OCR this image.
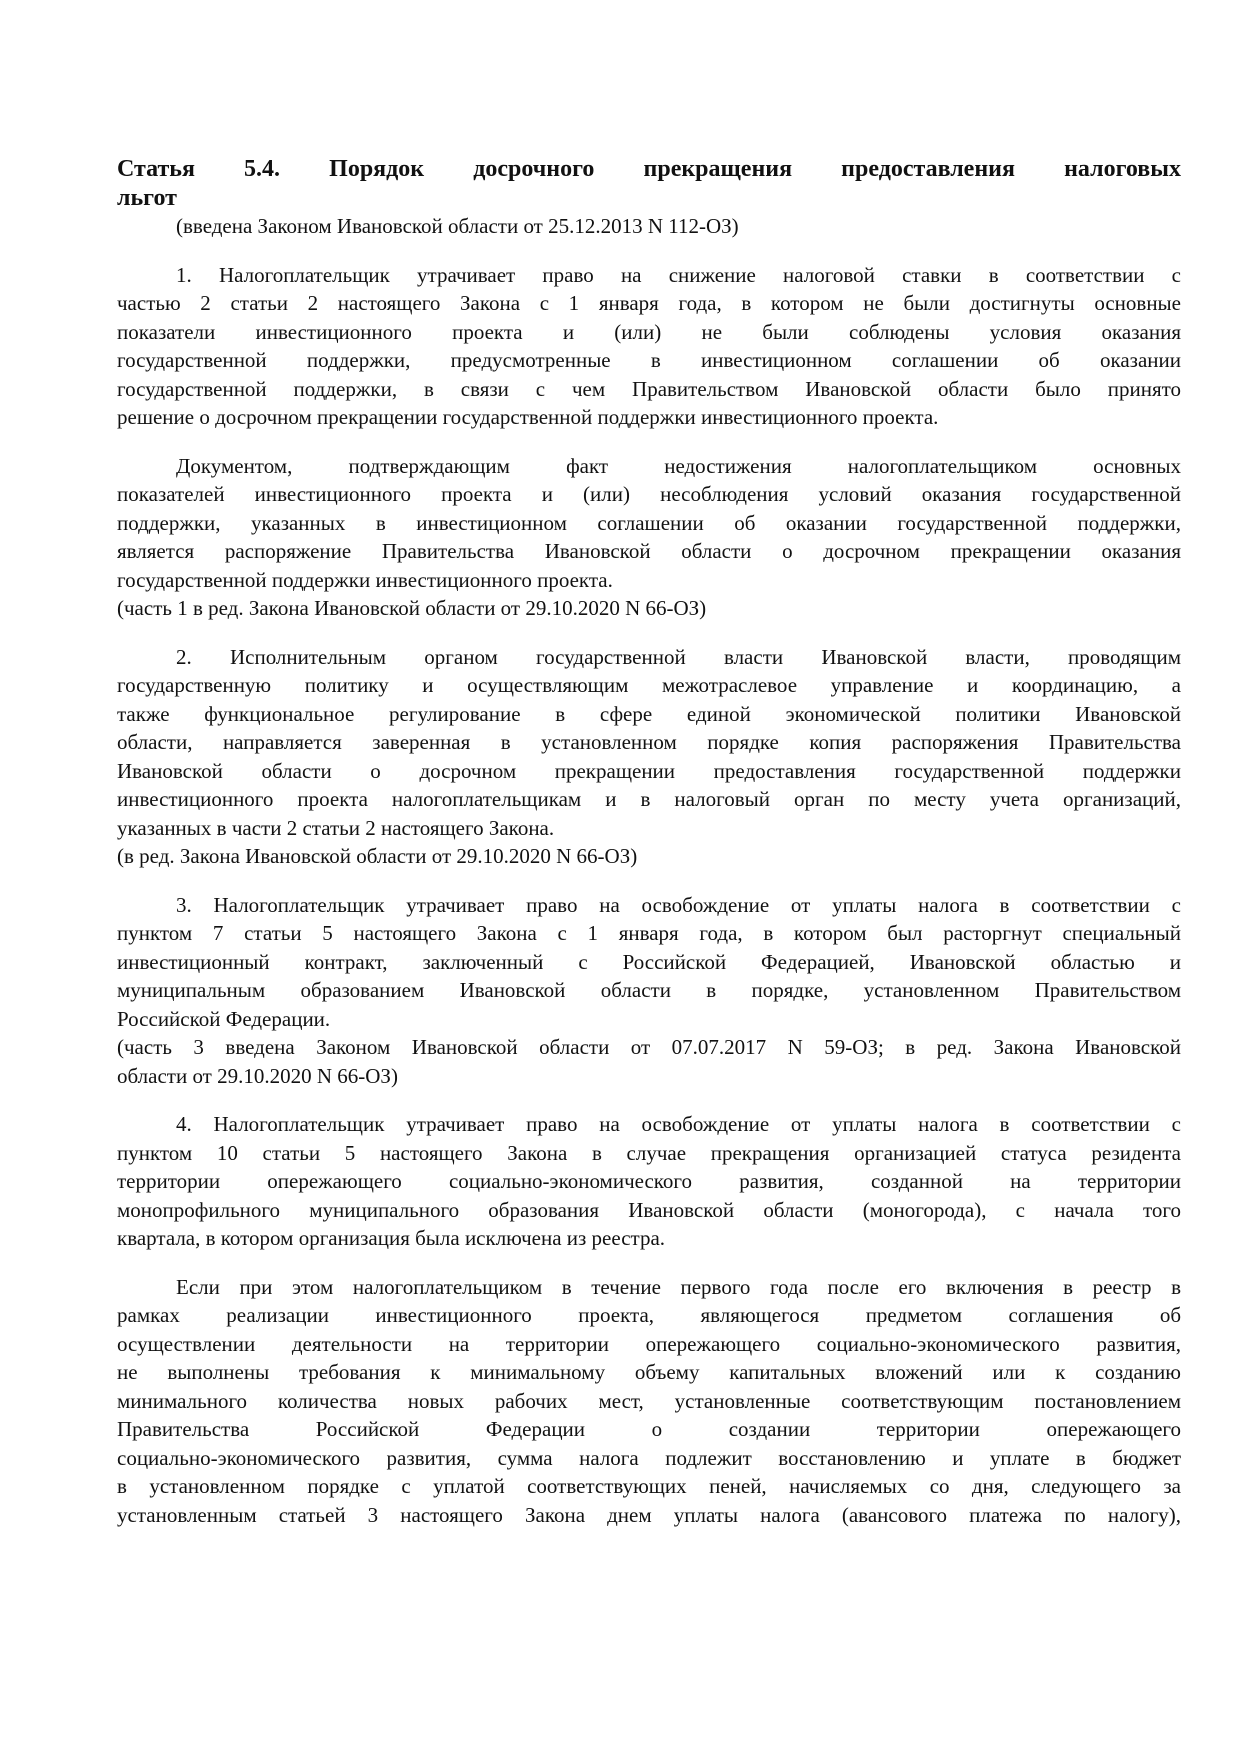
Статья 5.4. Порядок досрочного прекращения предоставления налоговых
льгот
(введена Законом Ивановской области от 25.12.2013 N 112-ОЗ)
1. Налогоплательщик утрачивает право на снижение налоговой ставки в соответствии с
частью 2 статьи 2 настоящего Закона с 1 января года, в котором не были достигнуты основные
показатели инвестиционного проекта и (или) не были соблюдены условия оказания
государственной поддержки, предусмотренные в инвестиционном соглашении об оказании
государственной поддержки, в связи с чем Правительством Ивановской области было принято
решение о досрочном прекращении государственной поддержки инвестиционного проекта.
Документом, подтверждающим факт недостижения налогоплательщиком основных
показателей инвестиционного проекта и (или) несоблюдения условий оказания государственной
поддержки, указанных в инвестиционном соглашении об оказании государственной поддержки,
является распоряжение Правительства Ивановской области о досрочном прекращении оказания
государственной поддержки инвестиционного проекта.
(часть 1 в ред. Закона Ивановской области от 29.10.2020 N 66-ОЗ)
2. Исполнительным органом государственной власти Ивановской власти, проводящим
государственную политику и осуществляющим межотраслевое управление и координацию, а
также функциональное регулирование в сфере единой экономической политики Ивановской
области, направляется заверенная в установленном порядке копия распоряжения Правительства
Ивановской области о досрочном прекращении предоставления государственной поддержки
инвестиционного проекта налогоплательщикам и в налоговый орган по месту учета организаций,
указанных в части 2 статьи 2 настоящего Закона.
(в ред. Закона Ивановской области от 29.10.2020 N 66-ОЗ)
3. Налогоплательщик утрачивает право на освобождение от уплаты налога в соответствии с
пунктом 7 статьи 5 настоящего Закона с 1 января года, в котором был расторгнут специальный
инвестиционный контракт, заключенный с Российской Федерацией, Ивановской областью и
муниципальным образованием Ивановской области в порядке, установленном Правительством
Российской Федерации.
(часть 3 введена Законом Ивановской области от 07.07.2017 N 59-ОЗ; в ред. Закона Ивановской
области от 29.10.2020 N 66-ОЗ)
4. Налогоплательщик утрачивает право на освобождение от уплаты налога в соответствии с
пунктом 10 статьи 5 настоящего Закона в случае прекращения организацией статуса резидента
территории опережающего социально-экономического развития, созданной на территории
монопрофильного муниципального образования Ивановской области (моногорода), с начала того
квартала, в котором организация была исключена из реестра.
Если при этом налогоплательщиком в течение первого года после его включения в реестр в
рамках реализации инвестиционного проекта, являющегося предметом соглашения об
осуществлении деятельности на территории опережающего социально-экономического развития,
не выполнены требования к минимальному объему капитальных вложений или к созданию
минимального количества новых рабочих мест, установленные соответствующим постановлением
Правительства Российской Федерации о создании территории опережающего
социально-экономического развития, сумма налога подлежит восстановлению и уплате в бюджет
в установленном порядке с уплатой соответствующих пеней, начисляемых со дня, следующего за
установленным статьей 3 настоящего Закона днем уплаты налога (авансового платежа по налогу),
